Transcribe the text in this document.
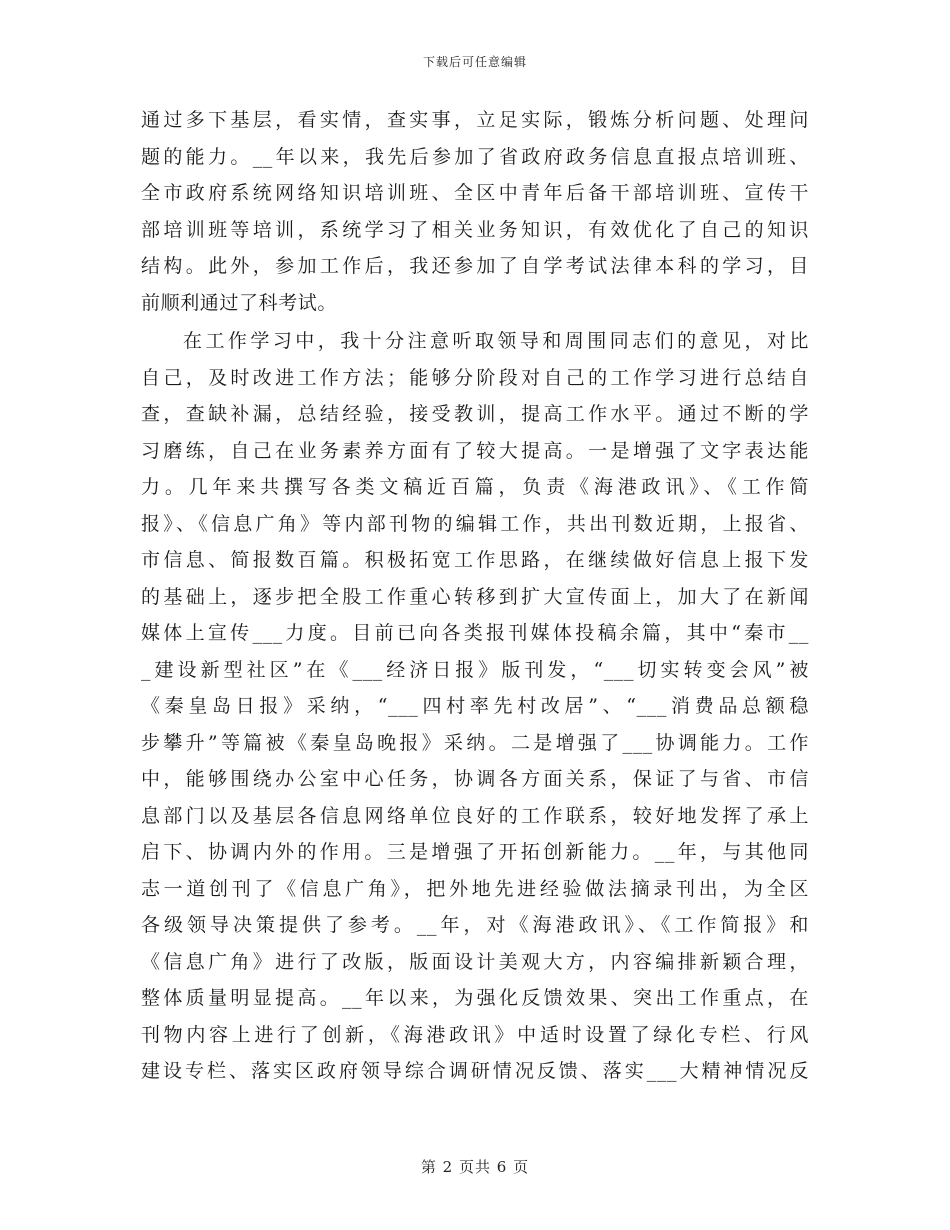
下载后可任意编辑
通过多下基层，看实情，查实事，立足实际，锻炼分析问题、处理问
题的能力。__年以来，我先后参加了省政府政务信息直报点培训班、
全市政府系统网络知识培训班、全区中青年后备干部培训班、宣传干
部培训班等培训，系统学习了相关业务知识，有效优化了自己的知识
结构。此外，参加工作后，我还参加了自学考试法律本科的学习，目
前顺利通过了科考试。
在工作学习中，我十分注意听取领导和周围同志们的意见，对比
自己，及时改进工作方法；能够分阶段对自己的工作学习进行总结自
查，查缺补漏，总结经验，接受教训，提高工作水平。通过不断的学
习磨练，自己在业务素养方面有了较大提高。一是增强了文字表达能
力。几年来共撰写各类文稿近百篇，负责《海港政讯》、《工作简
报》、《信息广角》等内部刊物的编辑工作，共出刊数近期，上报省、
市信息、简报数百篇。积极拓宽工作思路，在继续做好信息上报下发
的基础上，逐步把全股工作重心转移到扩大宣传面上，加大了在新闻
媒体上宣传___力度。目前已向各类报刊媒体投稿余篇，其中“秦市__
_建设新型社区”在《___经济日报》版刊发，“___切实转变会风”被
《秦皇岛日报》采纳，“___四村率先村改居”、“___消费品总额稳
步攀升”等篇被《秦皇岛晚报》采纳。二是增强了___协调能力。工作
中，能够围绕办公室中心任务，协调各方面关系，保证了与省、市信
息部门以及基层各信息网络单位良好的工作联系，较好地发挥了承上
启下、协调内外的作用。三是增强了开拓创新能力。__年，与其他同
志一道创刊了《信息广角》，把外地先进经验做法摘录刊出，为全区
各级领导决策提供了参考。__年，对《海港政讯》、《工作简报》和
《信息广角》进行了改版，版面设计美观大方，内容编排新颖合理，
整体质量明显提高。__年以来，为强化反馈效果、突出工作重点，在
刊物内容上进行了创新，《海港政讯》中适时设置了绿化专栏、行风
建设专栏、落实区政府领导综合调研情况反馈、落实___大精神情况反
第 2 页共 6 页
